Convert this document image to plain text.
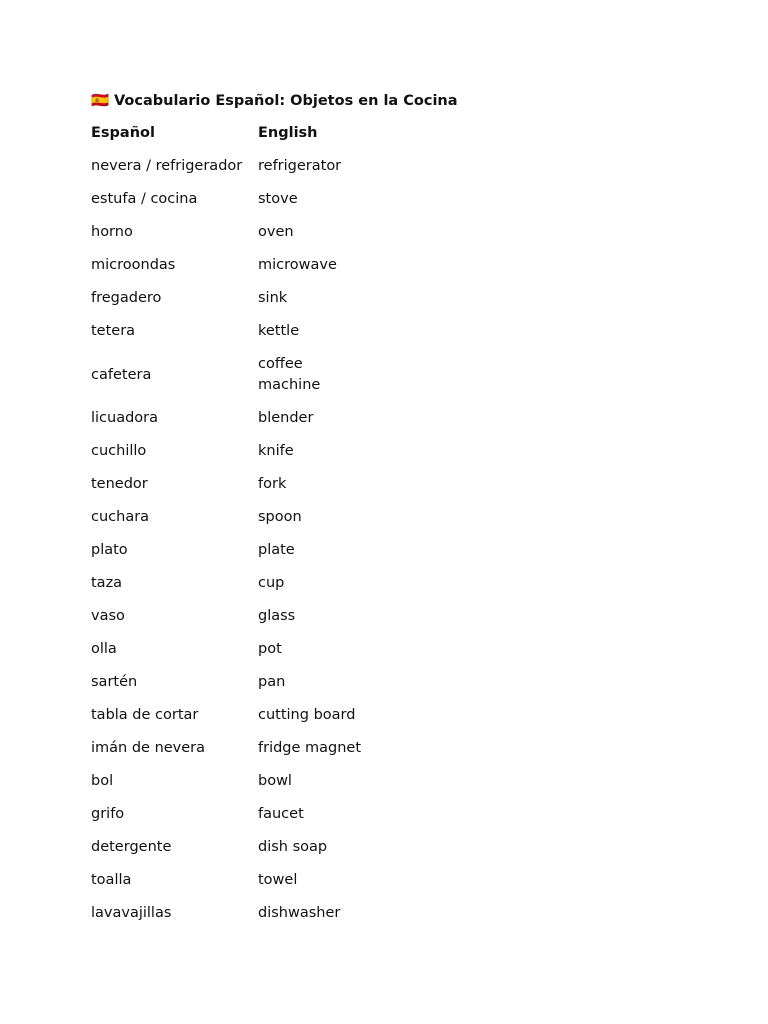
🇪🇸 Vocabulario Español: Objetos en la Cocina
Español	English
nevera / refrigerador	refrigerator
estufa / cocina	stove
horno	oven
microondas	microwave
fregadero	sink
tetera	kettle
cafetera	coffee machine
licuadora	blender
cuchillo	knife
tenedor	fork
cuchara	spoon
plato	plate
taza	cup
vaso	glass
olla	pot
sartén	pan
tabla de cortar	cutting board
imán de nevera	fridge magnet
bol	bowl
grifo	faucet
detergente	dish soap
toalla	towel
lavavajillas	dishwasher
